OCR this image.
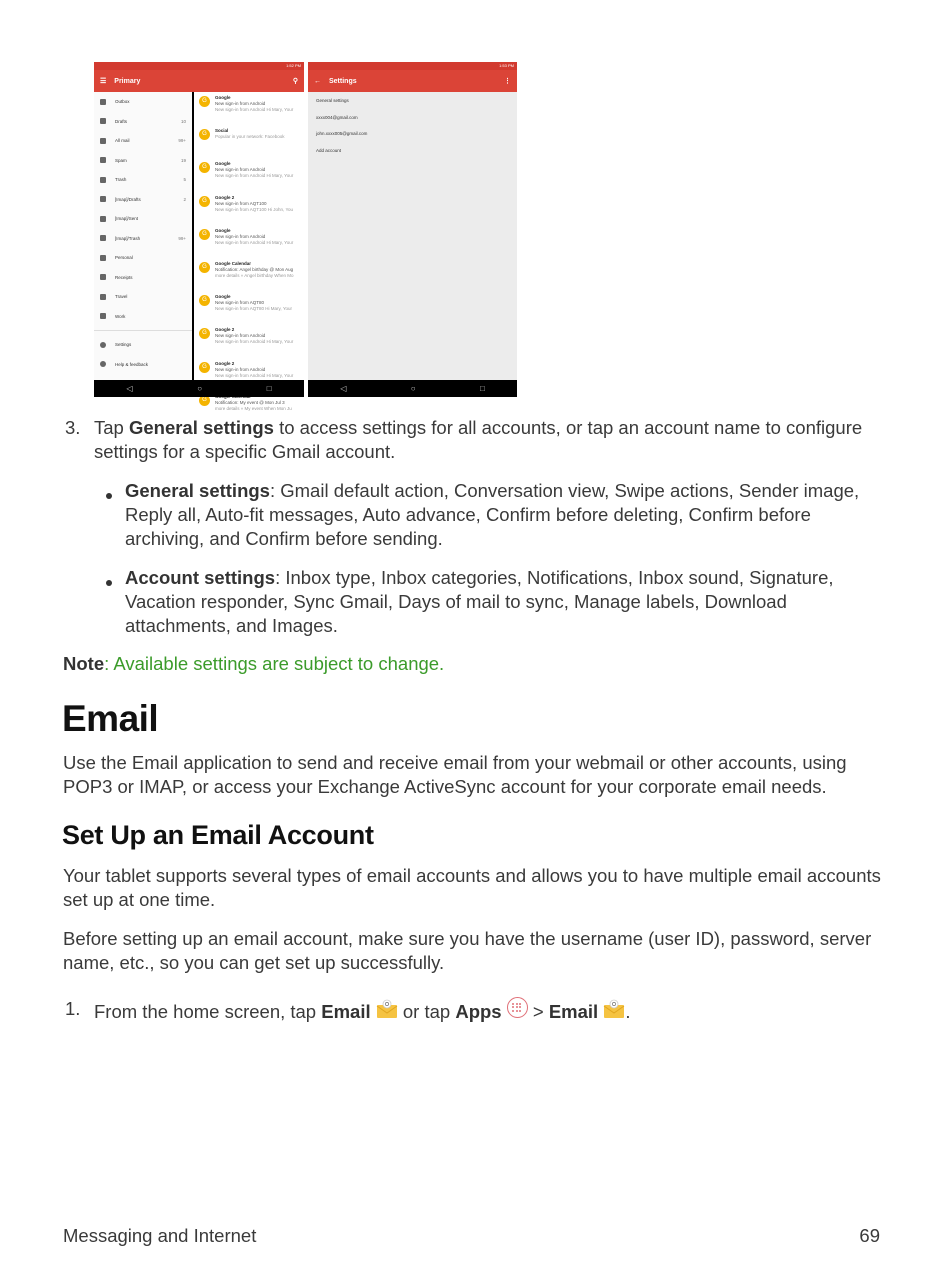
1:52 PM
☰ Primary	⚲
Outbox
Drafts	10
All mail	99+
Spam	19
Trash	5
[Imap]/Drafts	2
[Imap]/Sent
[Imap]/Trash	99+
Personal
Receipts
Travel
Work
Settings
Help & feedback
G
Google
New sign-in from Android
New sign-in from Android Hi Mary, Your
G
Social
Popular in your network: Facebook
G
Google
New sign-in from Android
New sign-in from Android Hi Mary, Your
G
Google 2
New sign-in from AQT100
New sign-in from AQT100 Hi John, You
G
Google
New sign-in from Android
New sign-in from Android Hi Mary, Your
G
Google Calendar
Notification: Angel birthday @ Mon Aug
more details » Angel birthday When Mo
G
Google
New sign-in from AQT80
New sign-in from AQT80 Hi Mary, Your
G
Google 2
New sign-in from Android
New sign-in from Android Hi Mary, Your
G
Google 2
New sign-in from Android
New sign-in from Android Hi Mary, Your
G	Notification: My event @ Mon Jul 3
more details » My event When Mon Ju
◁	○	□
1:53 PM
← Settings	⋮
General settings
xxxx004@gmail.com
john.xxxx005@gmail.com
Add account
◁	○	□
3. Tap General settings to access settings for all accounts, or tap an account name to configure settings for a specific Gmail account.
General settings: Gmail default action, Conversation view, Swipe actions, Sender image, Reply all, Auto-fit messages, Auto advance, Confirm before deleting, Confirm before archiving, and Confirm before sending.
Account settings: Inbox type, Inbox categories, Notifications, Inbox sound, Signature, Vacation responder, Sync Gmail, Days of mail to sync, Manage labels, Download attachments, and Images.
Note: Available settings are subject to change.
Email
Use the Email application to send and receive email from your webmail or other accounts, using POP3 or IMAP, or access your Exchange ActiveSync account for your corporate email needs.
Set Up an Email Account
Your tablet supports several types of email accounts and allows you to have multiple email accounts set up at one time.
Before setting up an email account, make sure you have the username (user ID), password, server name, etc., so you can get set up successfully.
1. From the home screen, tap Email  or tap Apps
> Email .
Messaging and Internet	69
